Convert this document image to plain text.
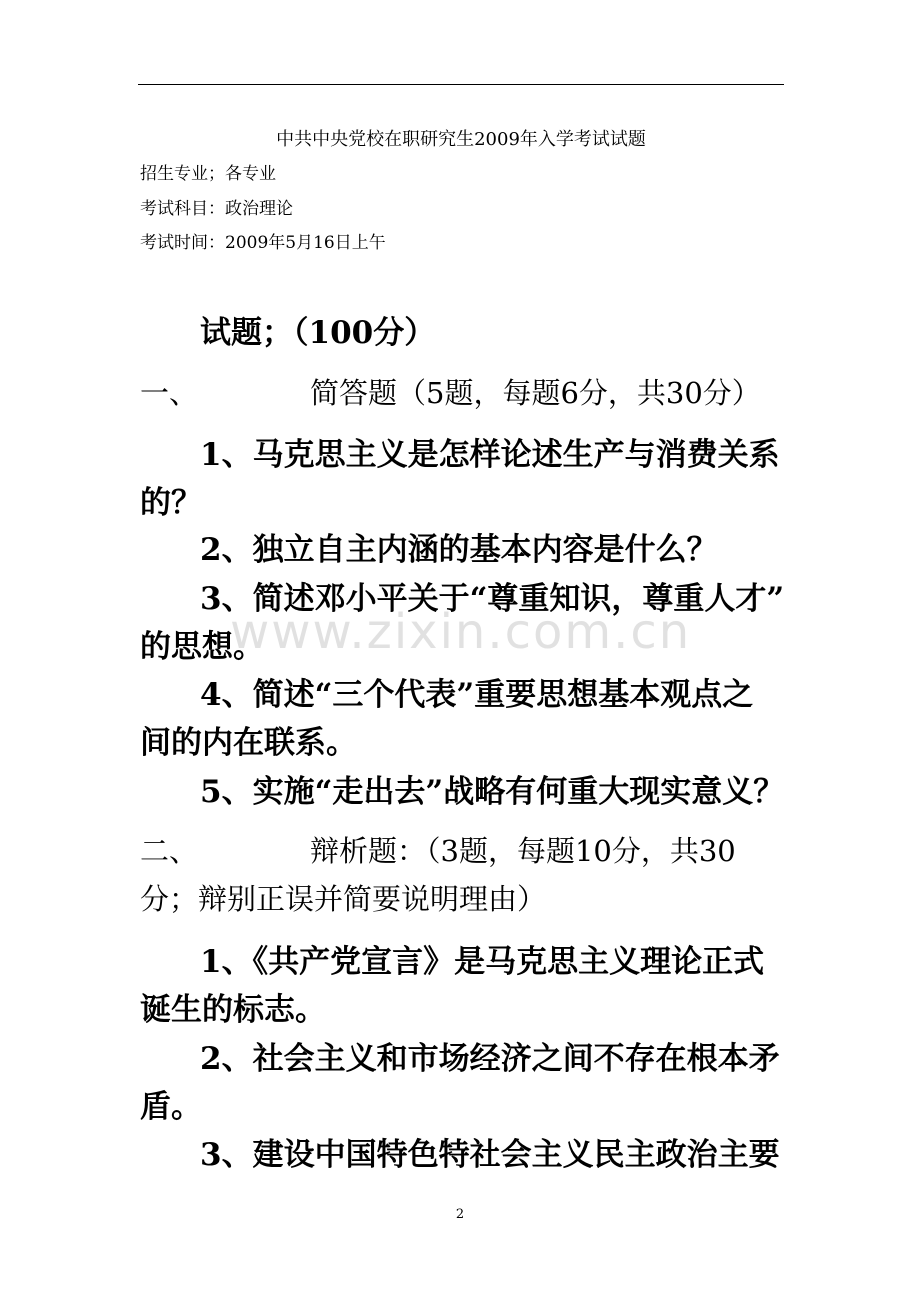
中共中央党校在职研究生2009年入学考试试题
招生专业；各专业
考试科目：政治理论
考试时间：2009年5月16日上午
试题；（100分）
一、	简答题（5题，每题6分，共30分）
1、马克思主义是怎样论述生产与消费关系
的？
2、独立自主内涵的基本内容是什么？
3、简述邓小平关于“尊重知识，尊重人才”
的思想。
4、简述“三个代表”重要思想基本观点之
间的内在联系。
5、实施“走出去”战略有何重大现实意义？
二、	辩析题：（3题，每题10分，共30
分；辩别正误并简要说明理由）
1、《共产党宣言》是马克思主义理论正式
诞生的标志。
2、社会主义和市场经济之间不存在根本矛
盾。
3、建设中国特色特社会主义民主政治主要
www.zixin.com.cn
2
